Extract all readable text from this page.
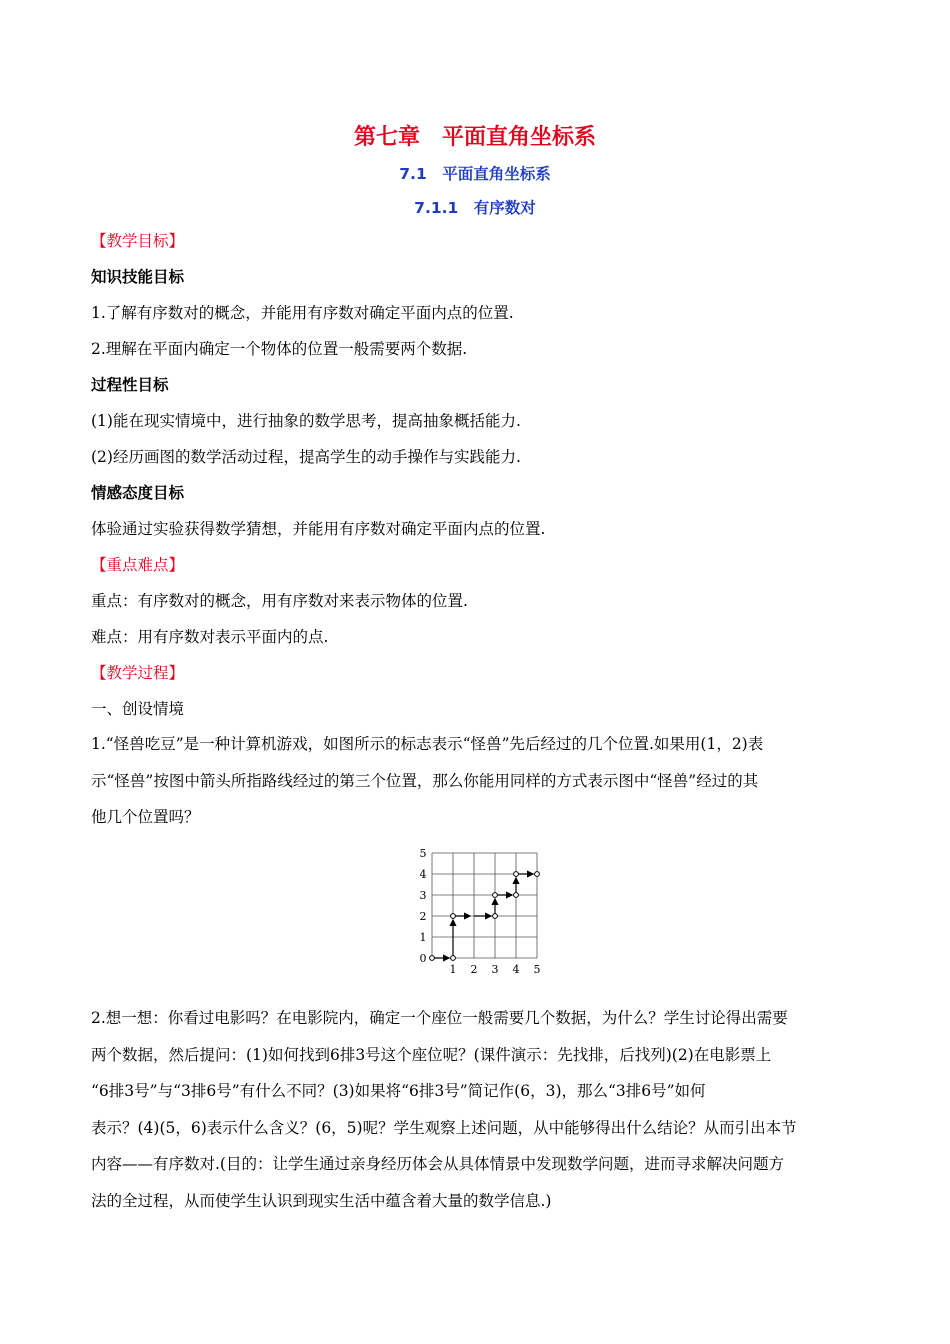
第七章　平面直角坐标系
7.1　平面直角坐标系
7.1.1　有序数对
【教学目标】
知识技能目标
1.了解有序数对的概念，并能用有序数对确定平面内点的位置.
2.理解在平面内确定一个物体的位置一般需要两个数据.
过程性目标
(1)能在现实情境中，进行抽象的数学思考，提高抽象概括能力.
(2)经历画图的数学活动过程，提高学生的动手操作与实践能力.
情感态度目标
体验通过实验获得数学猜想，并能用有序数对确定平面内点的位置.
【重点难点】
重点：有序数对的概念，用有序数对来表示物体的位置.
难点：用有序数对表示平面内的点.
【教学过程】
一、创设情境
1.“怪兽吃豆”是一种计算机游戏，如图所示的标志表示“怪兽”先后经过的几个位置.如果用(1，2)表
示“怪兽”按图中箭头所指路线经过的第三个位置，那么你能用同样的方式表示图中“怪兽”经过的其
他几个位置吗？
1 2 3 4 5
0
1
2
3
4
5
2.想一想：你看过电影吗？在电影院内，确定一个座位一般需要几个数据，为什么？学生讨论得出需要
两个数据，然后提问：(1)如何找到6排3号这个座位呢？(课件演示：先找排，后找列)(2)在电影票上
“6排3号”与“3排6号”有什么不同？(3)如果将“6排3号”简记作(6，3)，那么“3排6号”如何
表示？(4)(5，6)表示什么含义？(6，5)呢？学生观察上述问题，从中能够得出什么结论？从而引出本节
内容——有序数对.(目的：让学生通过亲身经历体会从具体情景中发现数学问题，进而寻求解决问题方
法的全过程，从而使学生认识到现实生活中蕴含着大量的数学信息.)
